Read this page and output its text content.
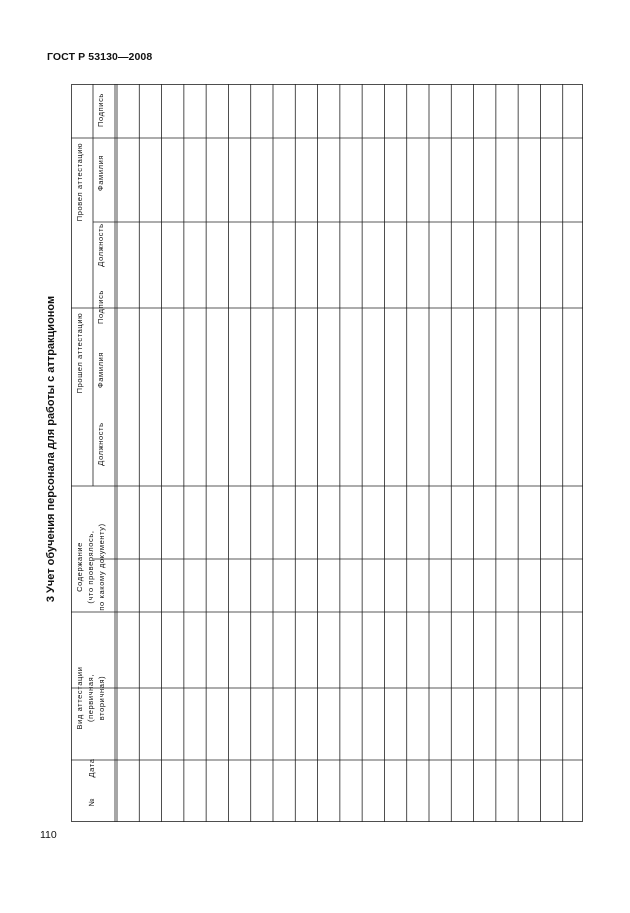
ГОСТ Р 53130—2008
3 Учет обучения персонала для работы с аттракционом
№
Дата
Вид аттестации (первичная, вторичная)
Содержание (что проверялось, по какому документу)
Прошел аттестацию
Должность
Фамилия
Подпись
Провел аттестацию
Должность
Фамилия
Подпись
110
